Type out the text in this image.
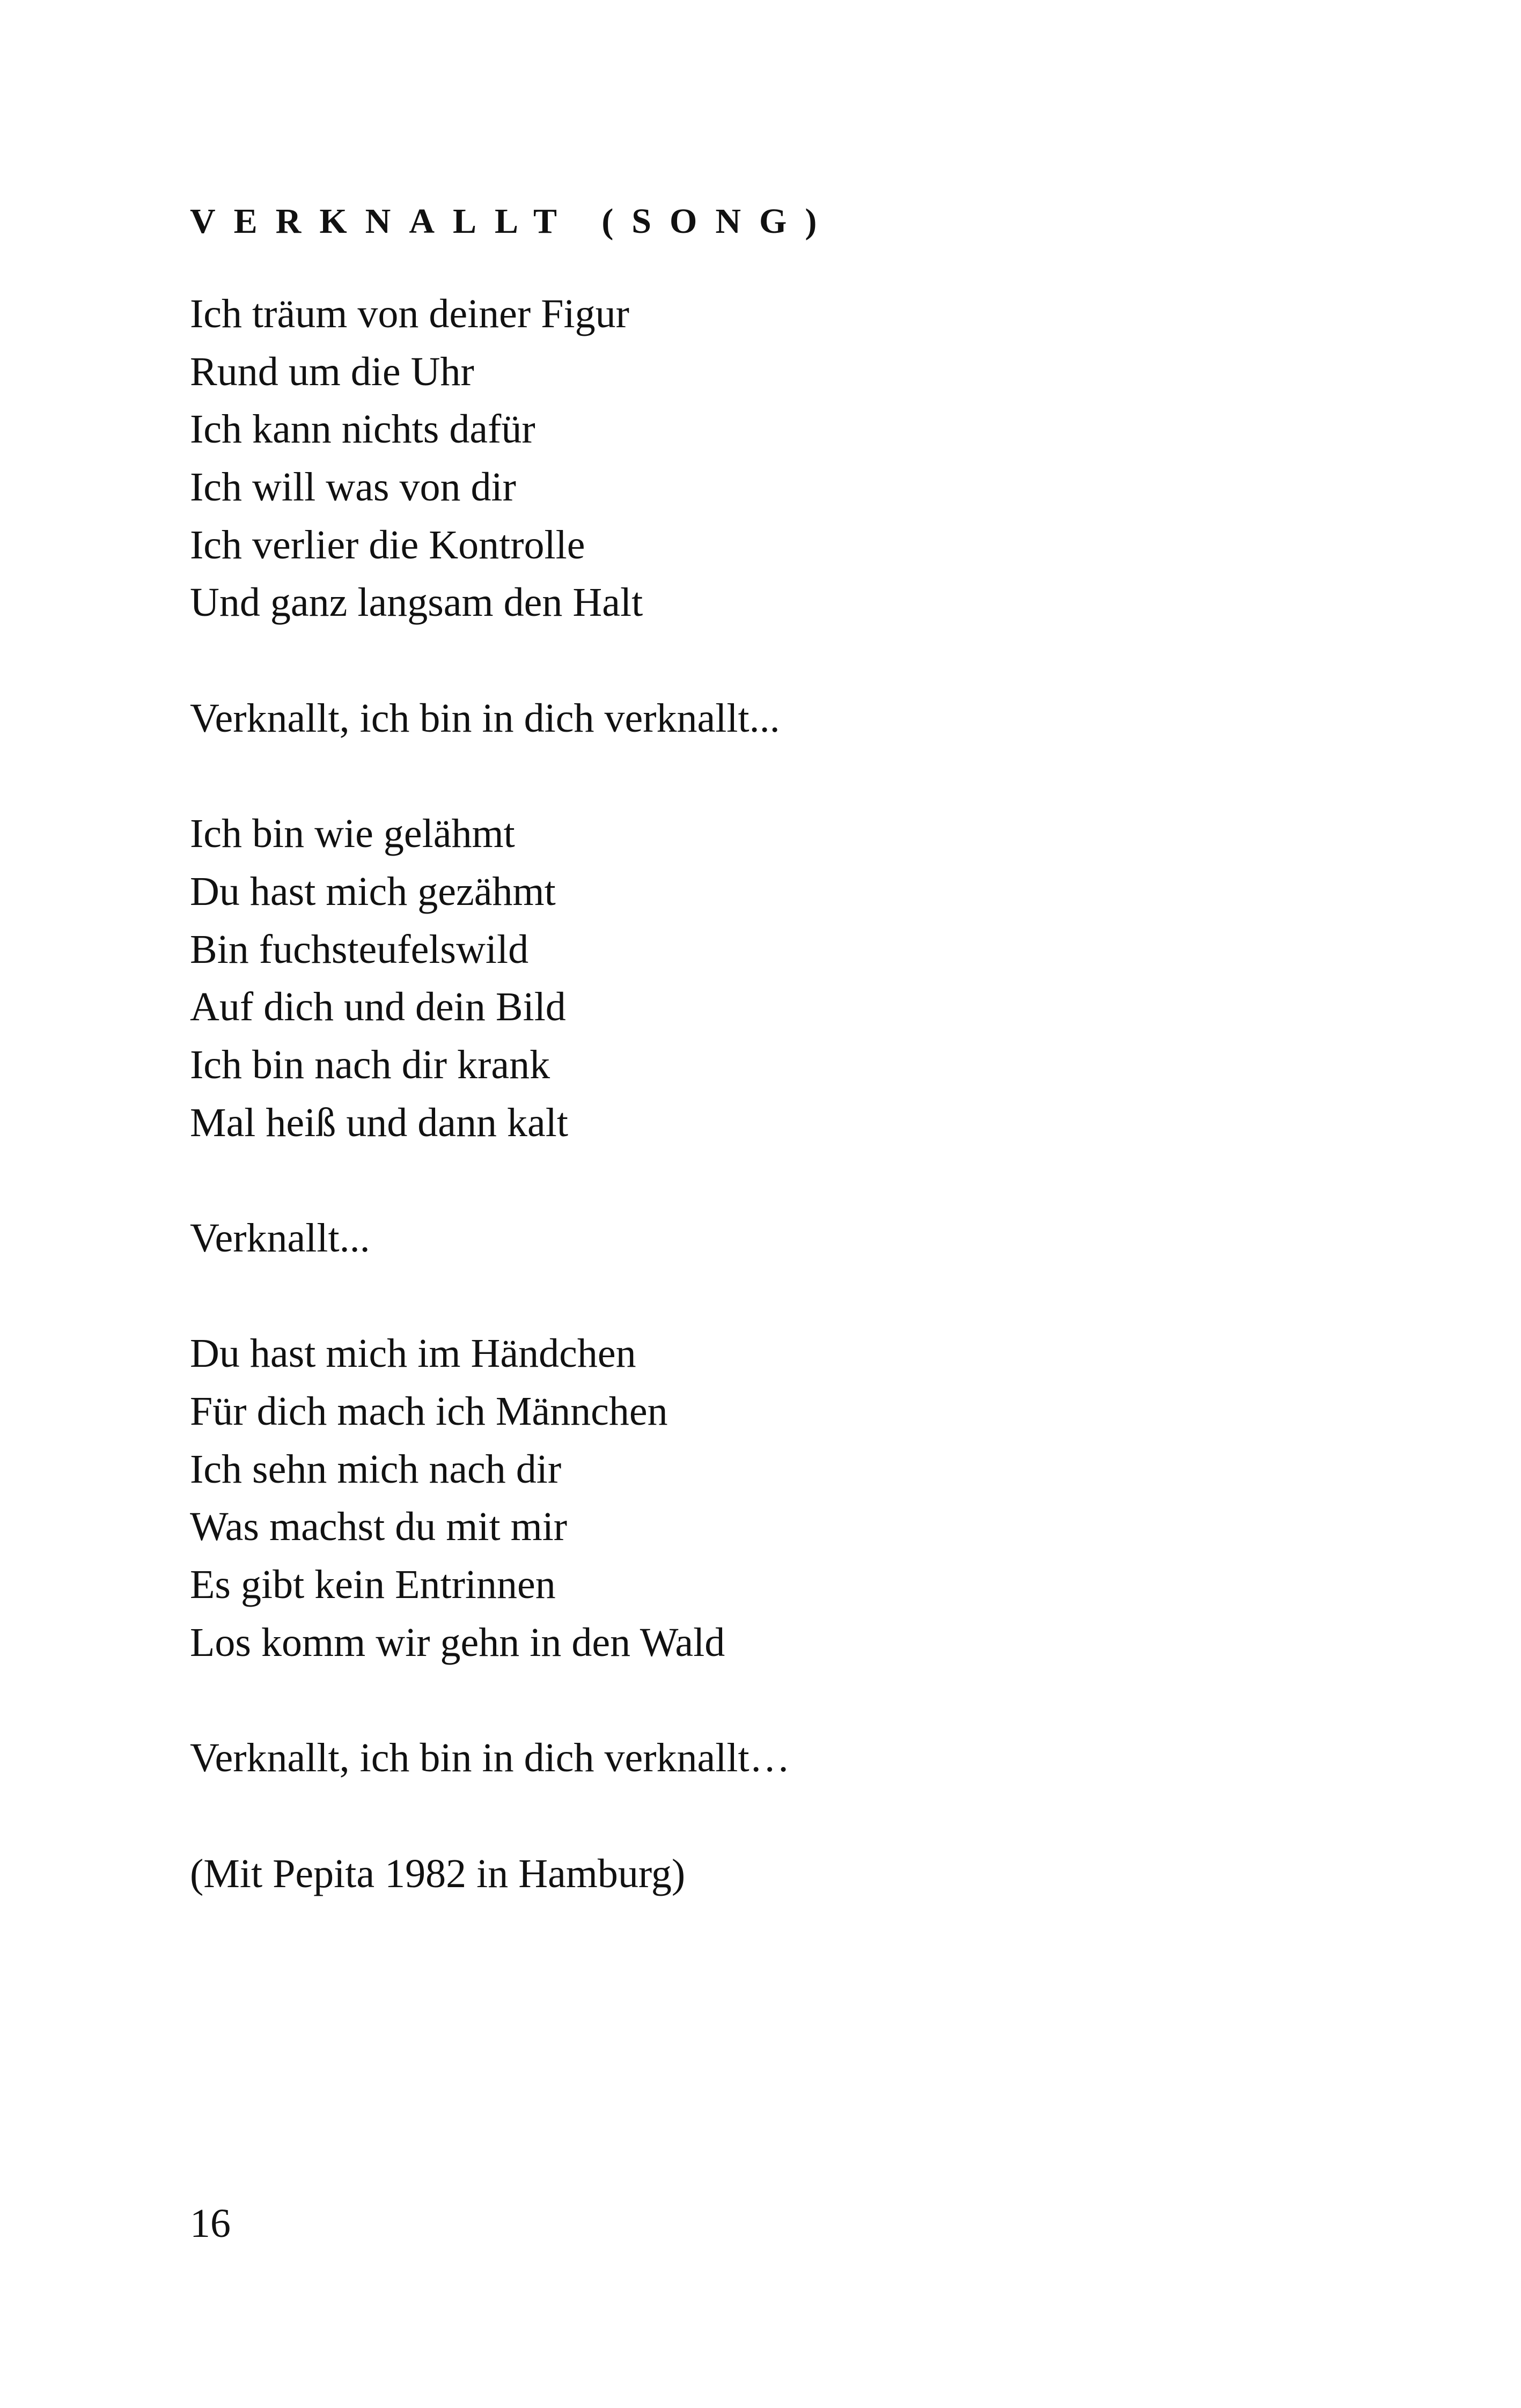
VERKNALLT (SONG)
Ich träum von deiner Figur
Rund um die Uhr
Ich kann nichts dafür
Ich will was von dir
Ich verlier die Kontrolle
Und ganz langsam den Halt
Verknallt, ich bin in dich verknallt...
Ich bin wie gelähmt
Du hast mich gezähmt
Bin fuchsteufelswild
Auf dich und dein Bild
Ich bin nach dir krank
Mal heiß und dann kalt
Verknallt...
Du hast mich im Händchen
Für dich mach ich Männchen
Ich sehn mich nach dir
Was machst du mit mir
Es gibt kein Entrinnen
Los komm wir gehn in den Wald
Verknallt, ich bin in dich verknallt…
(Mit Pepita 1982 in Hamburg)
16
